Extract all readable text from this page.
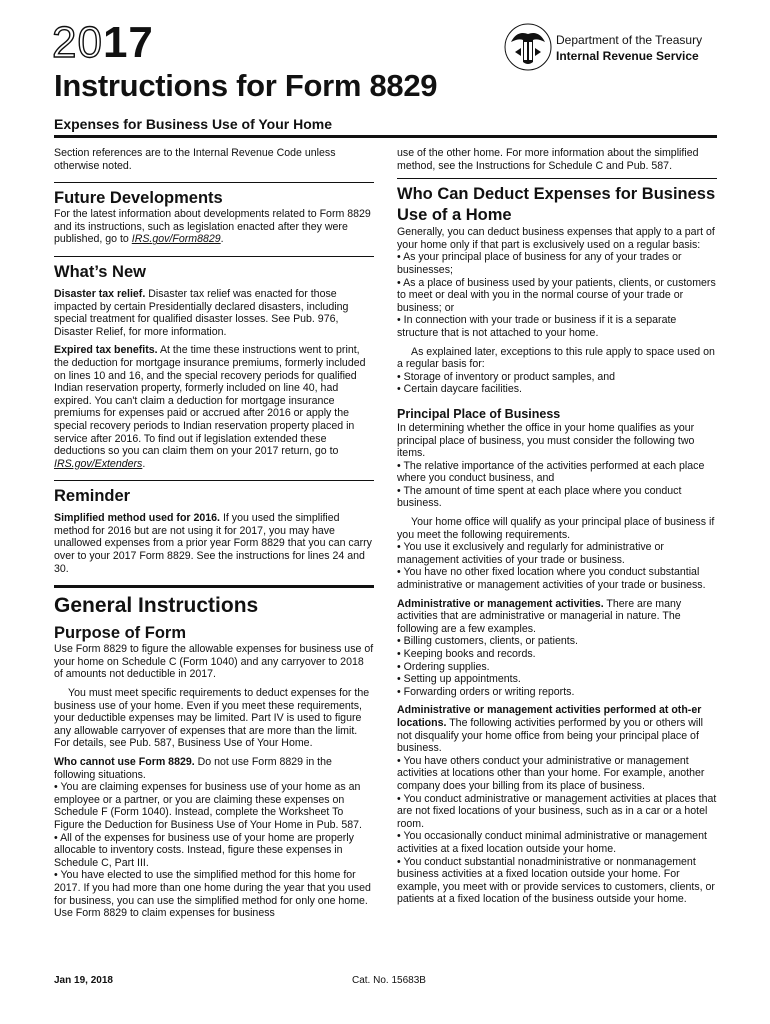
2017	Department of the Treasury
Internal Revenue Service
Instructions for Form 8829
Expenses for Business Use of Your Home

Section references are to the Internal Revenue Code unless otherwise noted.

Future Developments

For the latest information about developments related to Form 8829 and its instructions, such as legislation enacted after they were published, go to IRS.gov/Form8829.

What’s New

Disaster tax relief. Disaster tax relief was enacted for those impacted by certain Presidentially declared disasters, including special treatment for qualified disaster losses. See Pub. 976, Disaster Relief, for more information.

Expired tax benefits. At the time these instructions went to print, the deduction for mortgage insurance premiums, formerly included on lines 10 and 16, and the special recovery periods for qualified Indian reservation property, formerly included on line 40, had expired. You can't claim a deduction for mortgage insurance premiums for expenses paid or accrued after 2016 or apply the special recovery periods to Indian reservation property placed in service after 2016. To find out if legislation extended these deductions so you can claim them on your 2017 return, go to IRS.gov/Extenders.

Reminder

Simplified method used for 2016. If you used the simplified method for 2016 but are not using it for 2017, you may have unallowed expenses from a prior year Form 8829 that you can carry over to your 2017 Form 8829. See the instructions for lines 24 and 30.

General Instructions
Purpose of Form

Use Form 8829 to figure the allowable expenses for business use of your home on Schedule C (Form 1040) and any carryover to 2018 of amounts not deductible in 2017.

You must meet specific requirements to deduct expenses for the business use of your home. Even if you meet these requirements, your deductible expenses may be limited. Part IV is used to figure any allowable carryover of expenses that are more than the limit. For details, see Pub. 587, Business Use of Your Home.

Who cannot use Form 8829. Do not use Form 8829 in the following situations.

• You are claiming expenses for business use of your home as an employee or a partner, or you are claiming these expenses on Schedule F (Form 1040). Instead, complete the Worksheet To Figure the Deduction for Business Use of Your Home in Pub. 587.

• All of the expenses for business use of your home are properly allocable to inventory costs. Instead, figure these expenses in Schedule C, Part III.

• You have elected to use the simplified method for this home for 2017. If you had more than one home during the year that you used for business, you can use the simplified method for only one home. Use Form 8829 to claim expenses for business

use of the other home. For more information about the simplified method, see the Instructions for Schedule C and Pub. 587.

Who Can Deduct Expenses for Business Use of a Home

Generally, you can deduct business expenses that apply to a part of your home only if that part is exclusively used on a regular basis:

• As your principal place of business for any of your trades or businesses;

• As a place of business used by your patients, clients, or customers to meet or deal with you in the normal course of your trade or business; or

• In connection with your trade or business if it is a separate structure that is not attached to your home.

As explained later, exceptions to this rule apply to space used on a regular basis for:

• Storage of inventory or product samples, and

• Certain daycare facilities.

Principal Place of Business

In determining whether the office in your home qualifies as your principal place of business, you must consider the following two items.

• The relative importance of the activities performed at each place where you conduct business, and

• The amount of time spent at each place where you conduct business.

Your home office will qualify as your principal place of business if you meet the following requirements.

• You use it exclusively and regularly for administrative or management activities of your trade or business.

• You have no other fixed location where you conduct substantial administrative or management activities of your trade or business.

Administrative or management activities. There are many activities that are administrative or managerial in nature. The following are a few examples.

• Billing customers, clients, or patients.

• Keeping books and records.

• Ordering supplies.

• Setting up appointments.

• Forwarding orders or writing reports.

Administrative or management activities performed at oth-er locations. The following activities performed by you or others will not disqualify your home office from being your principal place of business.

• You have others conduct your administrative or management activities at locations other than your home. For example, another company does your billing from its place of business.

• You conduct administrative or management activities at places that are not fixed locations of your business, such as in a car or a hotel room.

• You occasionally conduct minimal administrative or management activities at a fixed location outside your home.

• You conduct substantial nonadministrative or nonmanagement business activities at a fixed location outside your home. For example, you meet with or provide services to customers, clients, or patients at a fixed location of the business outside your home.

Jan 19, 2018	Cat. No. 15683B
